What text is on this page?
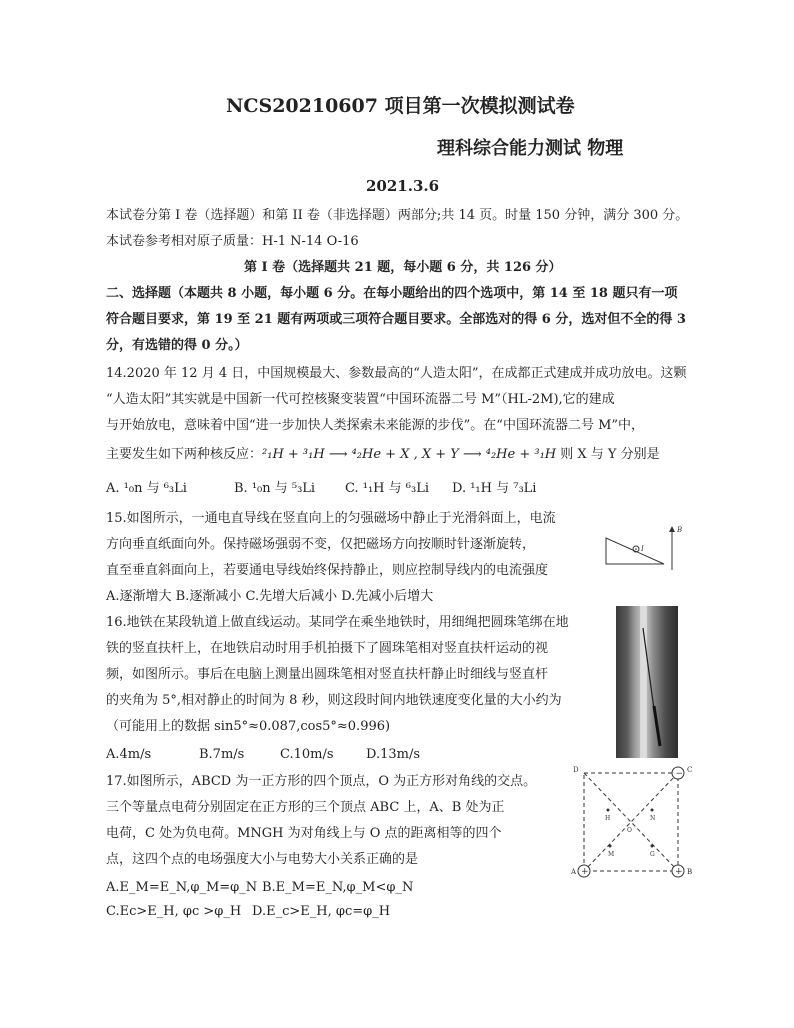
NCS20210607 项目第一次模拟测试卷
理科综合能力测试 物理
2021.3.6
本试卷分第 I 卷（选择题）和第 II 卷（非选择题）两部分;共 14 页。时量 150 分钟，满分 300 分。
本试卷参考相对原子质量：H-1 N-14 O-16
第 I 卷（选择题共 21 题，每小题 6 分，共 126 分）
二、选择题（本题共 8 小题，每小题 6 分。在每小题给出的四个选项中，第 14 至 18 题只有一项
符合题目要求，第 19 至 21 题有两项或三项符合题目要求。全部选对的得 6 分，选对但不全的得 3
分，有选错的得 0 分。）
14.2020 年 12 月 4 日，中国规模最大、参数最高的“人造太阳”，在成都正式建成并成功放电。这颗
“人造太阳”其实就是中国新一代可控核聚变装置“中国环流器二号 M”（HL-2M),它的建成
与开始放电，意味着中国“进一步加快人类探索未来能源的步伐”。在“中国环流器二号 M”中，
主要发生如下两种核反应：²₁H + ³₁H ⟶ ⁴₂He + X , X + Y ⟶ ⁴₂He + ³₁H 则 X 与 Y 分别是
A. ¹₀n 与 ⁶₃Li	B. ¹₀n 与 ⁵₃Li C. ¹₁H 与 ⁶₃Li D. ¹₁H 与 ⁷₃Li
15.如图所示，一通电直导线在竖直向上的匀强磁场中静止于光滑斜面上，电流
方向垂直纸面向外。保持磁场强弱不变，仅把磁场方向按顺时针逐渐旋转，
直至垂直斜面向上，若要通电导线始终保持静止，则应控制导线内的电流强度
A.逐渐增大 B.逐渐减小 C.先增大后减小 D.先减小后增大
I
B
16.地铁在某段轨道上做直线运动。某同学在乘坐地铁时，用细绳把圆珠笔绑在地
铁的竖直扶杆上，在地铁启动时用手机拍摄下了圆珠笔相对竖直扶杆运动的视
频，如图所示。事后在电脑上测量出圆珠笔相对竖直扶杆静止时细线与竖直杆
的夹角为 5°,相对静止的时间为 8 秒，则这段时间内地铁速度变化量的大小约为
（可能用上的数据 sin5°≈0.087,cos5°≈0.996)
A.4m/s	B.7m/s	C.10m/s D.13m/s
17.如图所示，ABCD 为一正方形的四个顶点，O 为正方形对角线的交点。
三个等量点电荷分别固定在正方形的三个顶点 ABC 上，A、B 处为正
电荷，C 处为负电荷。MNGH 为对角线上与 O 点的距离相等的四个
点，这四个点的电场强度大小与电势大小关系正确的是
A.E_M=E_N,φ_M=φ_N B.E_M=E_N,φ_M<φ_N
C.Ec>E_H, φc >φ_H D.E_c>E_H, φc=φ_H
D	− C
+
A	+ B
H	N
O
M	G
